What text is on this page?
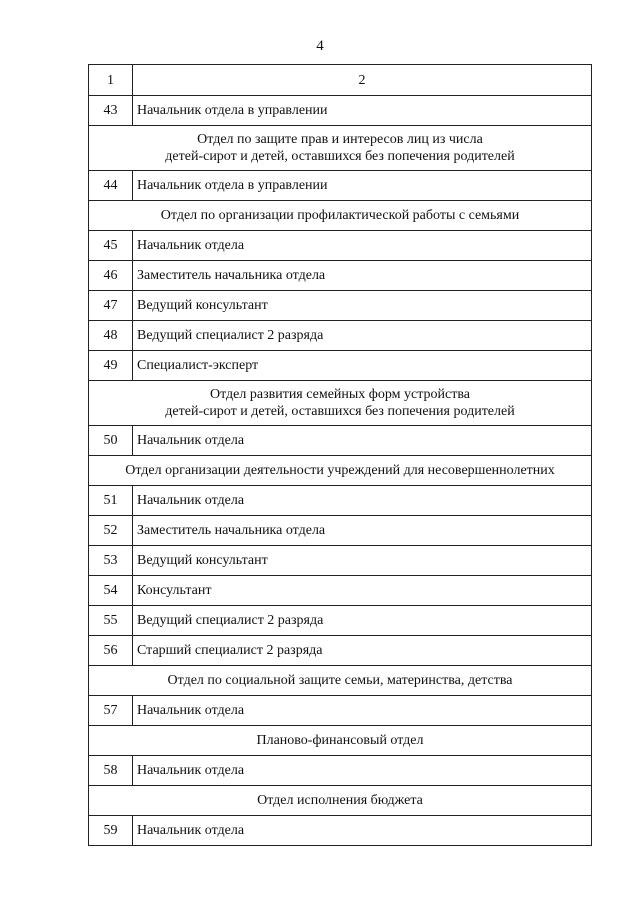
4
1	2
43	Начальник отдела в управлении

Отдел по защите прав и интересов лиц из числа
детей-сирот и детей, оставшихся без попечения родителей	

44	Начальник отдела в управлении

Отдел по организации профилактической работы с семьями	

45	Начальник отдела
46	Заместитель начальника отдела
47	Ведущий консультант
48	Ведущий специалист 2 разряда
49	Специалист-эксперт

Отдел развития семейных форм устройства
детей-сирот и детей, оставшихся без попечения родителей	

50	Начальник отдела

Отдел организации деятельности учреждений для несовершеннолетних	

51	Начальник отдела
52	Заместитель начальника отдела
53	Ведущий консультант
54	Консультант
55	Ведущий специалист 2 разряда
56	Старший специалист 2 разряда

Отдел по социальной защите семьи, материнства, детства	

57	Начальник отдела

Планово-финансовый отдел	

58	Начальник отдела

Отдел исполнения бюджета	

59	Начальник отдела
